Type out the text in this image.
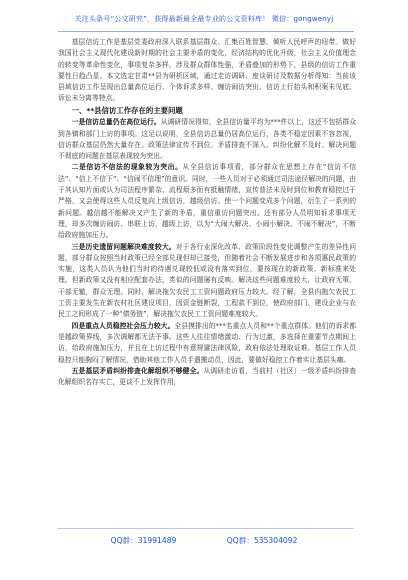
关注头条号“公文研究”，获得最新最全最专业的公文资料库！ 微信：gongwenyj

基层信访工作是基层党委政府深入联系基层群众、汇集百姓智慧、倾听人民呼声的纽带。做好我国社会主义现代化建设新时期的社会主要矛盾的变化，经济结构的优化升级，社会主义价值理念的转变等革命性变化，事项复杂多样，涉及群众群体性强，矛盾叠加的形势下，县级的信访工作重要性日趋凸显。本文选定甘肃**县为研析区域，通过走访调研、座谈研讨及数据分析得知：当前该县域信访工作呈现出总量高位运行、个体诉求多样、缠访闹访突出、信访上行抬头和积案未见底、诉讼未分离等特点。

一、**县信访工作存在的主要问题

一是信访总量仍在高位运行。从调研情况得知，全县信访量平均为***件以上，这还不包括群众到各镇和部门上访的事项。这足以说明，全县信访总量仍居高位运行，各类不稳定因素不容忽视，信访群众基层仍然大量存在。政策法律宣传不到位、矛盾排查不深入、纠纷化解不及时、解决问题不彻底的问题在基层表现较为突出。

二是信访不信法的现象较为突出。从全县信访事项看，部分群众在思想上存在“信访不信法”、“信上不信下”、“信闹不信理”的意识。同时，一些人员对于必须通过司法途径解决的问题，由于其认知片面或认为司法程序繁杂、流程烦多而有抵触情绪，宣传普法未及时到位和教育稳控过于严格，又会使得这些人员反复向上级信访，越级信访。使一个问题变成多个问题，衍生了一系列的新问题。越信越不能解决又产生了新的矛盾，重信重访问题突出。还有部分人员明知诉求事项无理，却多次缠访闹访、串联上访、越级上访，以为“大闹大解决、小闹小解决、不闹不解决”，不断给政府施加压力。

三是历史遗留问题解决难度较大。对于各行业深化改革、政策阶段性变化调整产生的差异性问题，部分群众按照当时政策已经全部兑现但却已接受，但随着社会不断发展进步和各项惠民政策的实施，这类人员认为他们当时的待遇兑现较低或没有落实到位，要按现在的新政策、新标准来处理。但新政策又没有相应配套办法，类似的问题屡有反映。解决这些问题难度较大，让政府无策、干部无辙，群众无理。同时，解决拖欠农民工工资问题政府压力较大。经了解，全县内拖欠农民工工资主要发生在新农村社区建设项目，因资金链断裂，工程款不到位，使政府部门、建设企业与农民工之间形成了一种“债务链”，解决拖欠农民工工资问题难度较大。

四是重点人员稳控社会压力较大。全县摸排出的***名重点人员和**个重点群体。他们的诉求都是越政策界线，多次调解都无法予事。这些人往往情绪激动、行为过激，多选择在重要节点期间上访，给政府施加压力，并且在上访过程中有意规避法律风险，政府依法处理取证难。基层工作人员稳控只能胸闷了解情况，借助其他工作人员手遣搬动员，因此，要做好稳控工作着实让基层头痛。

五是基层矛盾纠纷排查化解组织不够健全。从调研走访看，当前村（社区）一级矛盾纠纷排查化解组织名存实亡，更谈不上发挥作用，

QQ群：31991489	QQ群：535304092
